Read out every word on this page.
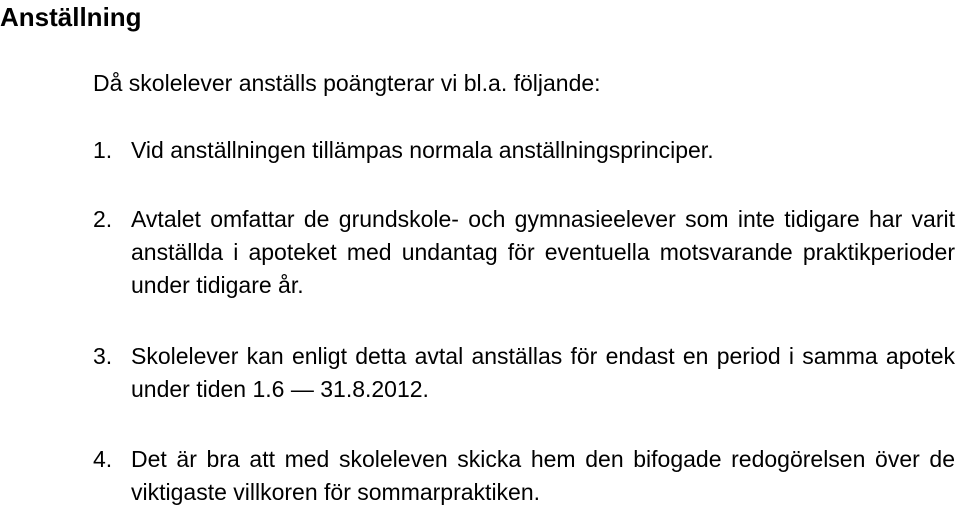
Anställning

Då skolelever anställs poängterar vi bl.a. följande:

1. Vid anställningen tillämpas normala anställningsprinciper.
2. Avtalet omfattar de grundskole- och gymnasieelever som inte tidigare har varit anställda i apoteket med undantag för eventuella motsvarande praktikperioder under tidigare år.
3. Skolelever kan enligt detta avtal anställas för endast en period i samma apotek under tiden 1.6 — 31.8.2012.
4. Det är bra att med skoleleven skicka hem den bifogade redogörelsen över de viktigaste villkoren för sommarpraktiken.
